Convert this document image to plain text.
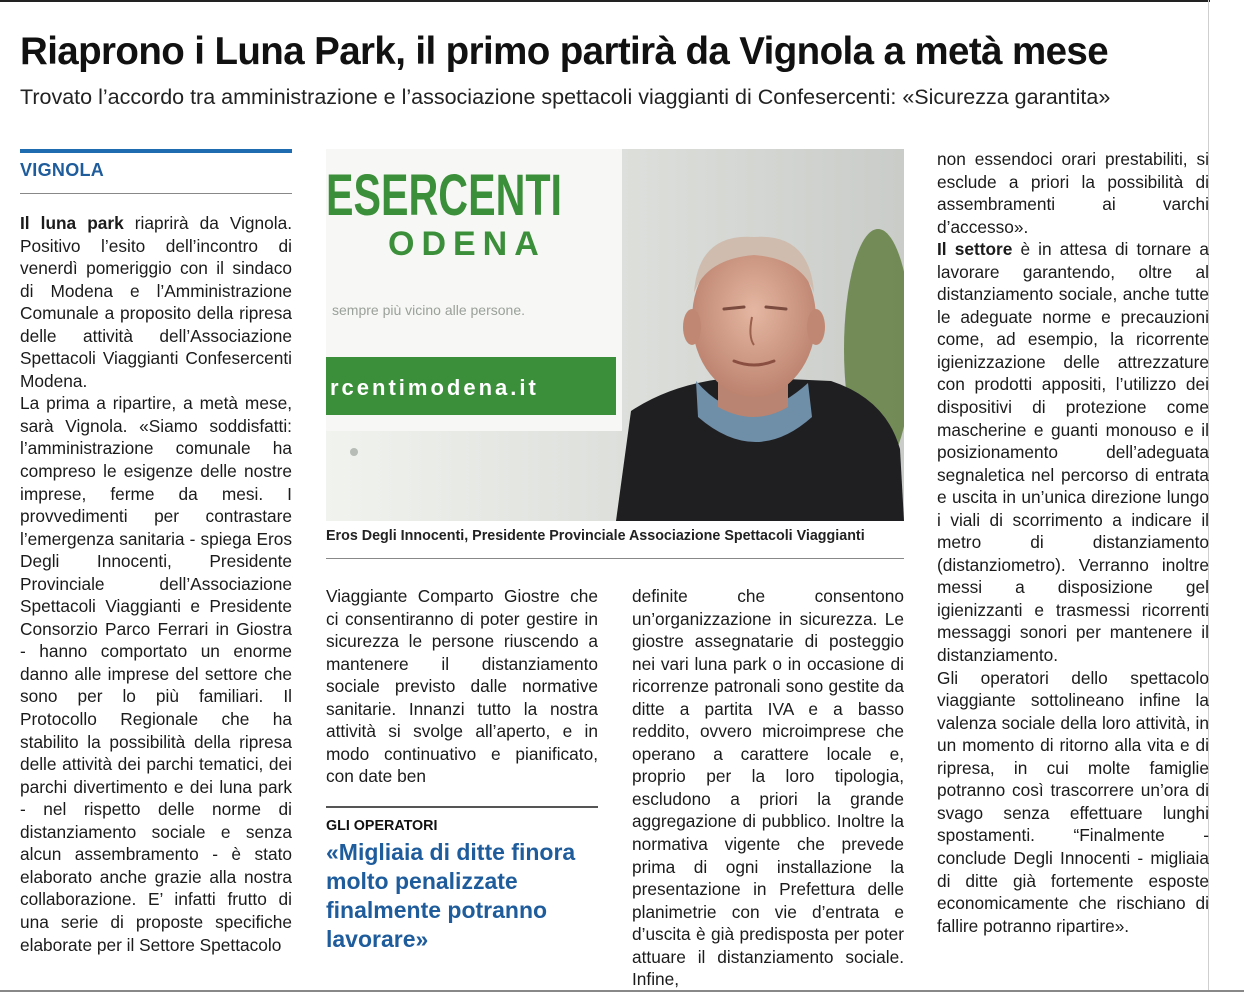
Riaprono i Luna Park, il primo partirà da Vignola a metà mese

Trovato l’accordo tra amministrazione e l’associazione spettacoli viaggianti di Confesercenti: «Sicurezza garantita»

VIGNOLA

Il luna park riaprirà da Vignola. Positivo l’esito dell’incontro di venerdì pomeriggio con il sindaco di Modena e l’Amministrazione Comunale a proposito della ripresa delle attività dell’Associazione Spettacoli Viaggianti Confesercenti Modena.

La prima a ripartire, a metà mese, sarà Vignola. «Siamo soddisfatti: l’amministrazione comunale ha compreso le esigenze delle nostre imprese, ferme da mesi. I provvedimenti per contrastare l’emergenza sanitaria - spiega Eros Degli Innocenti, Presidente Provinciale dell’Associazione Spettacoli Viaggianti e Presidente Consorzio Parco Ferrari in Giostra - hanno comportato un enorme danno alle imprese del settore che sono per lo più familiari. Il Protocollo Regionale che ha stabilito la possibilità della ripresa delle attività dei parchi tematici, dei parchi divertimento e dei luna park - nel rispetto delle norme di distanziamento sociale e senza alcun assembramento - è stato elaborato anche grazie alla nostra collaborazione. E’ infatti frutto di una serie di proposte specifiche elaborate per il Settore Spettacolo

ESERCENTI
ODENA
sempre più vicino alle persone.
rcentimodena.it
Eros Degli Innocenti, Presidente Provinciale Associazione Spettacoli Viaggianti

Viaggiante Comparto Giostre che ci consentiranno di poter gestire in sicurezza le persone riuscendo a mantenere il distanziamento sociale previsto dalle normative sanitarie. Innanzi tutto la nostra attività si svolge all’aperto, e in modo continuativo e pianificato, con date ben

GLI OPERATORI

«Migliaia di ditte finora molto penalizzate finalmente potranno lavorare»

definite che consentono un’organizzazione in sicurezza. Le giostre assegnatarie di posteggio nei vari luna park o in occasione di ricorrenze patronali sono gestite da ditte a partita IVA e a basso reddito, ovvero microimprese che operano a carattere locale e, proprio per la loro tipologia, escludono a priori la grande aggregazione di pubblico. Inoltre la normativa vigente che prevede prima di ogni installazione la presentazione in Prefettura delle planimetrie con vie d’entrata e d’uscita è già predisposta per poter attuare il distanziamento sociale. Infine,

non essendoci orari prestabiliti, si esclude a priori la possibilità di assembramenti ai varchi d’accesso».

Il settore è in attesa di tornare a lavorare garantendo, oltre al distanziamento sociale, anche tutte le adeguate norme e precauzioni come, ad esempio, la ricorrente igienizzazione delle attrezzature con prodotti appositi, l’utilizzo dei dispositivi di protezione come mascherine e guanti monouso e il posizionamento dell’adeguata segnaletica nel percorso di entrata e uscita in un’unica direzione lungo i viali di scorrimento a indicare il metro di distanziamento (distanziometro). Verranno inoltre messi a disposizione gel igienizzanti e trasmessi ricorrenti messaggi sonori per mantenere il distanziamento.

Gli operatori dello spettacolo viaggiante sottolineano infine la valenza sociale della loro attività, in un momento di ritorno alla vita e di ripresa, in cui molte famiglie potranno così trascorrere un’ora di svago senza effettuare lunghi spostamenti. “Finalmente - conclude Degli Innocenti - migliaia di ditte già fortemente esposte economicamente che rischiano di fallire potranno ripartire».
